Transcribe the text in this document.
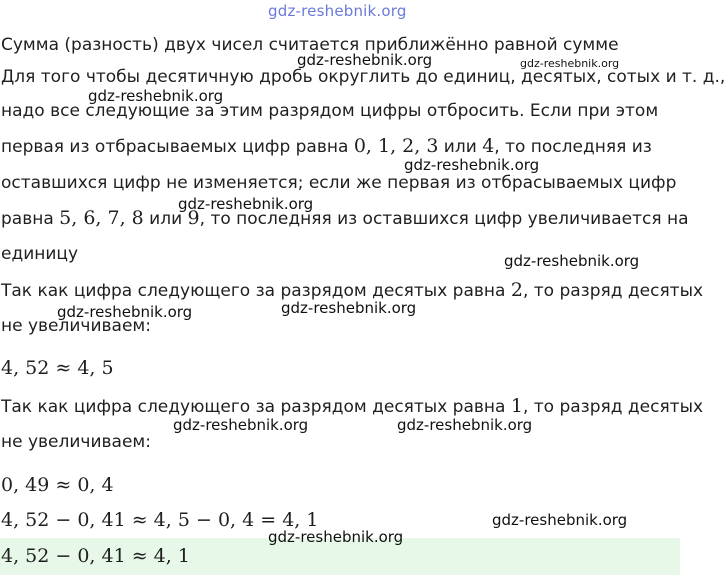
gdz-reshebnik.org
Сумма (разность) двух чисел считается приближённо равной сумме
Для того чтобы десятичную дробь округлить до единиц, десятых, сотых и т. д.,
надо все следующие за этим разрядом цифры отбросить. Если при этом
первая из отбрасываемых цифр равна 0, 1, 2, 3 или 4, то последняя из
оставшихся цифр не изменяется; если же первая из отбрасываемых цифр
равна 5, 6, 7, 8 или 9, то последняя из оставшихся цифр увеличивается на
единицу
Так как цифра следующего за разрядом десятых равна 2, то разряд десятых
не увеличиваем:
4, 52 ≈ 4, 5
Так как цифра следующего за разрядом десятых равна 1, то разряд десятых
не увеличиваем:
0, 49 ≈ 0, 4
4, 52 − 0, 41 ≈ 4, 5 − 0, 4 = 4, 1
4, 52 − 0, 41 ≈ 4, 1
gdz-reshebnik.org	gdz-reshebnik.org
gdz-reshebnik.org
gdz-reshebnik.org
gdz-reshebnik.org
gdz-reshebnik.org
gdz-reshebnik.org	gdz-reshebnik.org
gdz-reshebnik.org	gdz-reshebnik.org
gdz-reshebnik.org
gdz-reshebnik.org
